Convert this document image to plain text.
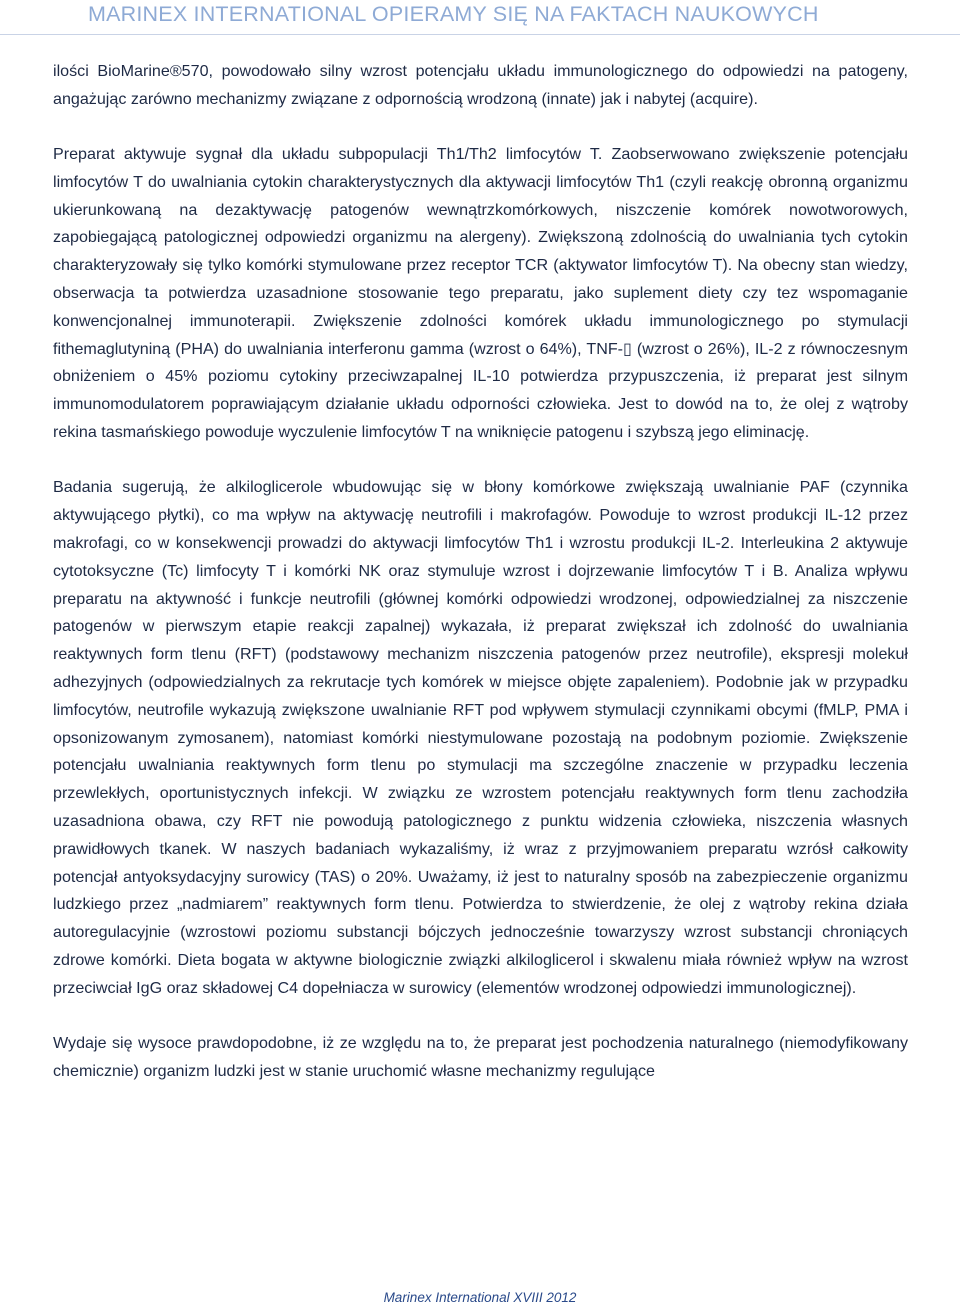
MARINEX INTERNATIONAL OPIERAMY SIĘ NA FAKTACH NAUKOWYCH

ilości BioMarine®570, powodowało silny wzrost potencjału układu immunologicznego do odpowiedzi na patogeny, angażując zarówno mechanizmy związane z odpornością wrodzoną (innate) jak i nabytej (acquire).

Preparat aktywuje sygnał dla układu subpopulacji Th1/Th2 limfocytów T. Zaobserwowano zwiększenie potencjału limfocytów T do uwalniania cytokin charakterystycznych dla aktywacji limfocytów Th1 (czyli reakcję obronną organizmu ukierunkowaną na dezaktywację patogenów wewnątrzkomórkowych, niszczenie komórek nowotworowych, zapobiegającą patologicznej odpowiedzi organizmu na alergeny). Zwiększoną zdolnością do uwalniania tych cytokin charakteryzowały się tylko komórki stymulowane przez receptor TCR (aktywator limfocytów T). Na obecny stan wiedzy, obserwacja ta potwierdza uzasadnione stosowanie tego preparatu, jako suplement diety czy tez wspomaganie konwencjonalnej immunoterapii. Zwiększenie zdolności komórek układu immunologicznego po stymulacji fithemaglutyniną (PHA) do uwalniania interferonu gamma (wzrost o 64%), TNF-▯ (wzrost o 26%), IL-2 z równoczesnym obniżeniem o 45% poziomu cytokiny przeciwzapalnej IL-10 potwierdza przypuszczenia, iż preparat jest silnym immunomodulatorem poprawiającym działanie układu odporności człowieka. Jest to dowód na to, że olej z wątroby rekina tasmańskiego powoduje wyczulenie limfocytów T na wniknięcie patogenu i szybszą jego eliminację.

Badania sugerują, że alkiloglicerole wbudowując się w błony komórkowe zwiększają uwalnianie PAF (czynnika aktywującego płytki), co ma wpływ na aktywację neutrofili i makrofagów. Powoduje to wzrost produkcji IL-12 przez makrofagi, co w konsekwencji prowadzi do aktywacji limfocytów Th1 i wzrostu produkcji IL-2. Interleukina 2 aktywuje cytotoksyczne (Tc) limfocyty T i komórki NK oraz stymuluje wzrost i dojrzewanie limfocytów T i B. Analiza wpływu preparatu na aktywność i funkcje neutrofili (głównej komórki odpowiedzi wrodzonej, odpowiedzialnej za niszczenie patogenów w pierwszym etapie reakcji zapalnej) wykazała, iż preparat zwiększał ich zdolność do uwalniania reaktywnych form tlenu (RFT) (podstawowy mechanizm niszczenia patogenów przez neutrofile), ekspresji molekuł adhezyjnych (odpowiedzialnych za rekrutacje tych komórek w miejsce objęte zapaleniem). Podobnie jak w przypadku limfocytów, neutrofile wykazują zwiększone uwalnianie RFT pod wpływem stymulacji czynnikami obcymi (fMLP, PMA i opsonizowanym zymosanem), natomiast komórki niestymulowane pozostają na podobnym poziomie. Zwiększenie potencjału uwalniania reaktywnych form tlenu po stymulacji ma szczególne znaczenie w przypadku leczenia przewlekłych, oportunistycznych infekcji. W związku ze wzrostem potencjału reaktywnych form tlenu zachodziła uzasadniona obawa, czy RFT nie powodują patologicznego z punktu widzenia człowieka, niszczenia własnych prawidłowych tkanek. W naszych badaniach wykazaliśmy, iż wraz z przyjmowaniem preparatu wzrósł całkowity potencjał antyoksydacyjny surowicy (TAS) o 20%. Uważamy, iż jest to naturalny sposób na zabezpieczenie organizmu ludzkiego przez „nadmiarem” reaktywnych form tlenu. Potwierdza to stwierdzenie, że olej z wątroby rekina działa autoregulacyjnie (wzrostowi poziomu substancji bójczych jednocześnie towarzyszy wzrost substancji chroniących zdrowe komórki. Dieta bogata w aktywne biologicznie związki alkiloglicerol i skwalenu miała również wpływ na wzrost przeciwciał IgG oraz składowej C4 dopełniacza w surowicy (elementów wrodzonej odpowiedzi immunologicznej).

Wydaje się wysoce prawdopodobne, iż ze względu na to, że preparat jest pochodzenia naturalnego (niemodyfikowany chemicznie) organizm ludzki jest w stanie uruchomić własne mechanizmy regulujące

Marinex International XVIII 2012
